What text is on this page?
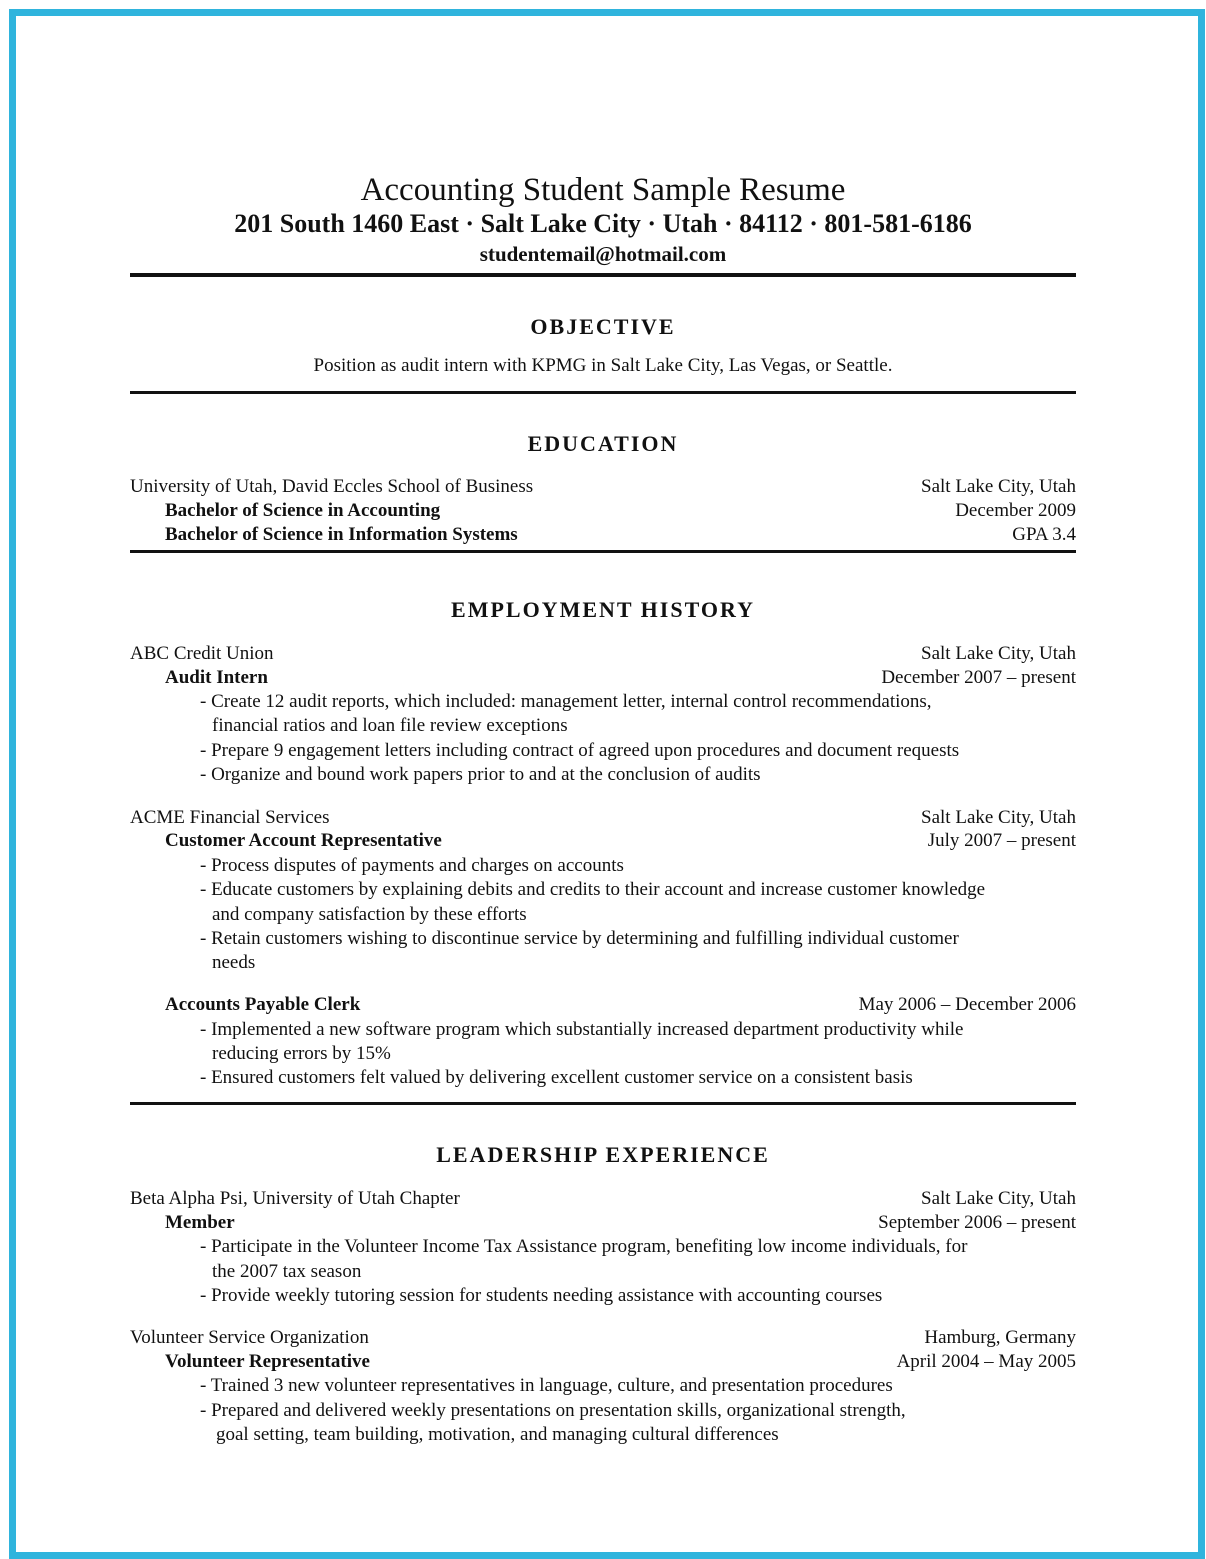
Accounting Student Sample Resume
201 South 1460 East · Salt Lake City · Utah · 84112 · 801-581-6186
studentemail@hotmail.com
OBJECTIVE
Position as audit intern with KPMG in Salt Lake City, Las Vegas, or Seattle.
EDUCATION
University of Utah, David Eccles School of Business	Salt Lake City, Utah
Bachelor of Science in Accounting	December 2009
Bachelor of Science in Information Systems	GPA 3.4
EMPLOYMENT HISTORY
ABC Credit Union	Salt Lake City, Utah
Audit Intern	December 2007 – present
- Create 12 audit reports, which included: management letter, internal control recommendations,
financial ratios and loan file review exceptions
- Prepare 9 engagement letters including contract of agreed upon procedures and document requests
- Organize and bound work papers prior to and at the conclusion of audits
ACME Financial Services	Salt Lake City, Utah
Customer Account Representative	July 2007 – present
- Process disputes of payments and charges on accounts
- Educate customers by explaining debits and credits to their account and increase customer knowledge
and company satisfaction by these efforts
- Retain customers wishing to discontinue service by determining and fulfilling individual customer
needs
Accounts Payable Clerk	May 2006 – December 2006
- Implemented a new software program which substantially increased department productivity while
reducing errors by 15%
- Ensured customers felt valued by delivering excellent customer service on a consistent basis
LEADERSHIP EXPERIENCE
Beta Alpha Psi, University of Utah Chapter	Salt Lake City, Utah
Member	September 2006 – present
- Participate in the Volunteer Income Tax Assistance program, benefiting low income individuals, for
the 2007 tax season
- Provide weekly tutoring session for students needing assistance with accounting courses
Volunteer Service Organization	Hamburg, Germany
Volunteer Representative	April 2004 – May 2005
- Trained 3 new volunteer representatives in language, culture, and presentation procedures
- Prepared and delivered weekly presentations on presentation skills, organizational strength,
goal setting, team building, motivation, and managing cultural differences
